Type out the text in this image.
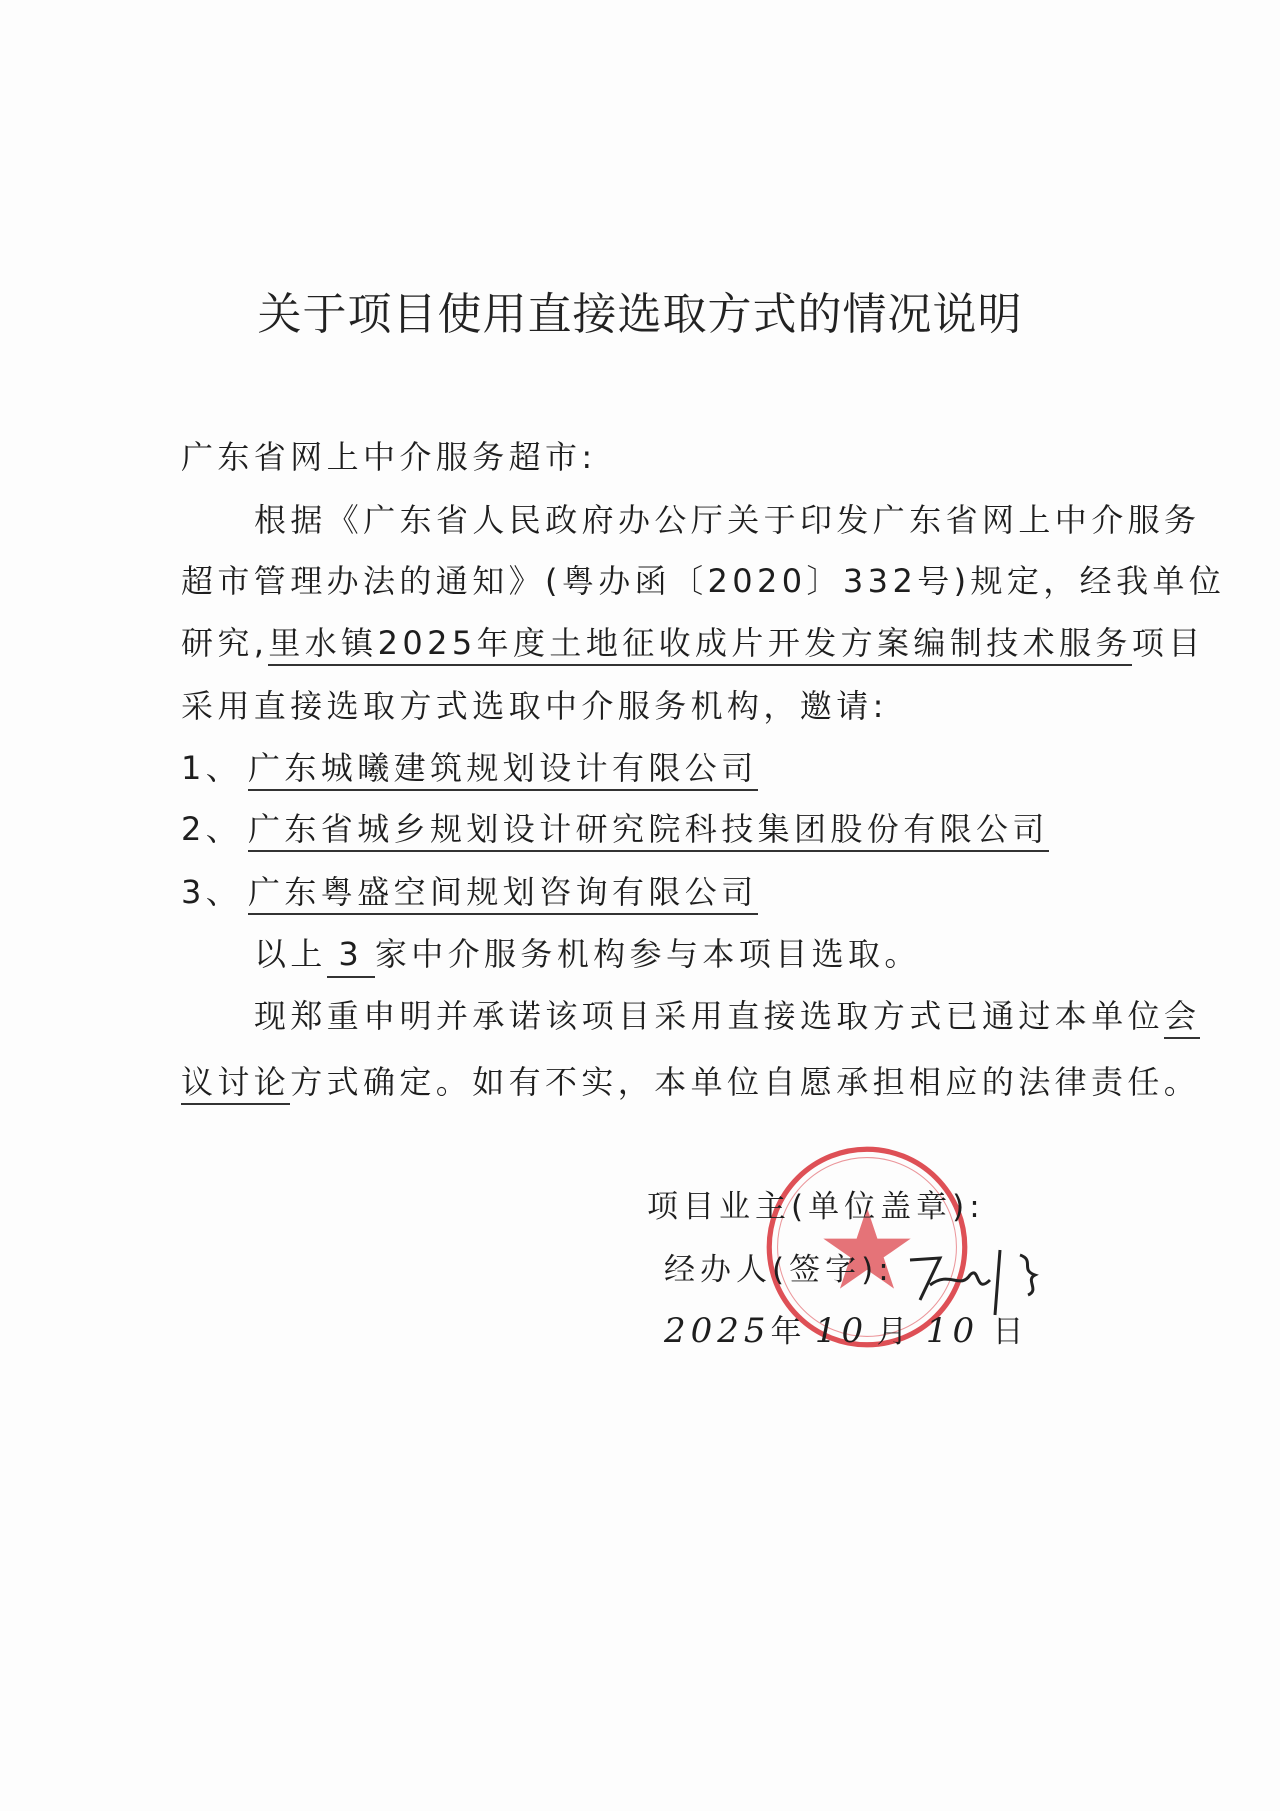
关于项目使用直接选取方式的情况说明
广东省网上中介服务超市:
根据《广东省人民政府办公厅关于印发广东省网上中介服务
超市管理办法的通知》(粤办函〔2020〕332号)规定，经我单位
研究,里水镇2025年度土地征收成片开发方案编制技术服务项目
采用直接选取方式选取中介服务机构，邀请:
1、 广东城曦建筑规划设计有限公司
2、 广东省城乡规划设计研究院科技集团股份有限公司
3、 广东粤盛空间规划咨询有限公司
以上 3 家中介服务机构参与本项目选取。
现郑重申明并承诺该项目采用直接选取方式已通过本单位会
议讨论方式确定。如有不实，本单位自愿承担相应的法律责任。
项目业主(单位盖章):
经办人(签字):
2025年 10 月 10 日
